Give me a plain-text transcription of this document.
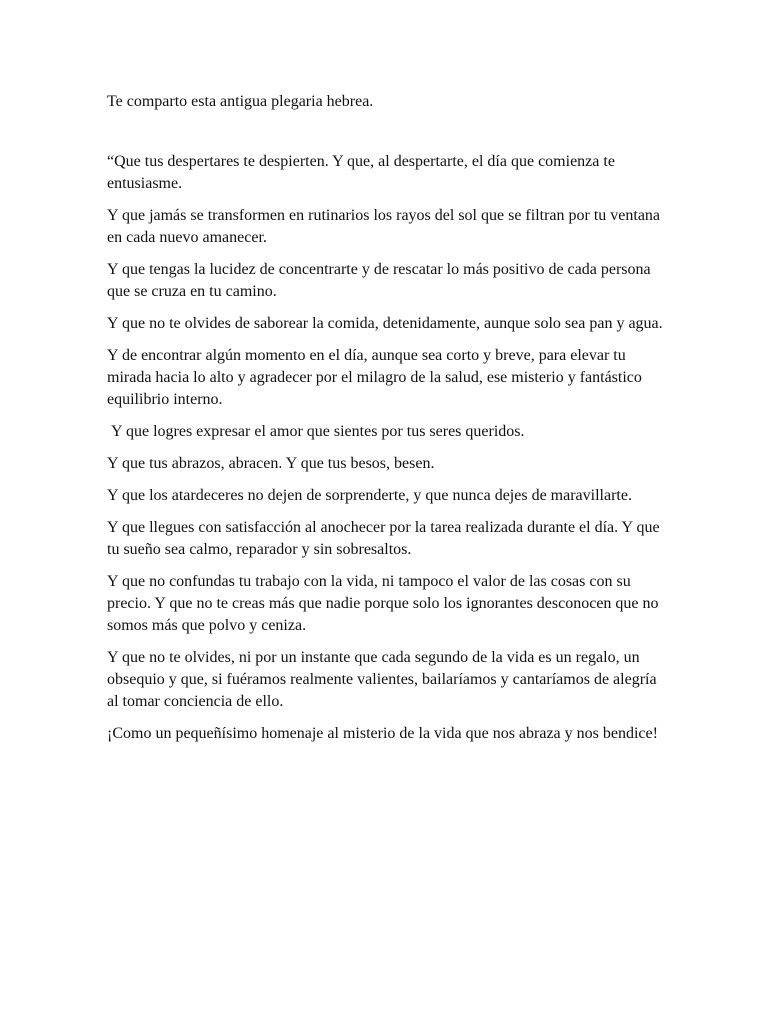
Te comparto esta antigua plegaria hebrea.

“Que tus despertares te despierten. Y que, al despertarte, el día que comienza te entusiasme.

Y que jamás se transformen en rutinarios los rayos del sol que se filtran por tu ventana en cada nuevo amanecer.

Y que tengas la lucidez de concentrarte y de rescatar lo más positivo de cada persona que se cruza en tu camino.

Y que no te olvides de saborear la comida, detenidamente, aunque solo sea pan y agua.

Y de encontrar algún momento en el día, aunque sea corto y breve, para elevar tu mirada hacia lo alto y agradecer por el milagro de la salud, ese misterio y fantástico equilibrio interno.

Y que logres expresar el amor que sientes por tus seres queridos.

Y que tus abrazos, abracen. Y que tus besos, besen.

Y que los atardeceres no dejen de sorprenderte, y que nunca dejes de maravillarte.

Y que llegues con satisfacción al anochecer por la tarea realizada durante el día. Y que tu sueño sea calmo, reparador y sin sobresaltos.

Y que no confundas tu trabajo con la vida, ni tampoco el valor de las cosas con su precio. Y que no te creas más que nadie porque solo los ignorantes desconocen que no somos más que polvo y ceniza.

Y que no te olvides, ni por un instante que cada segundo de la vida es un regalo, un obsequio y que, si fuéramos realmente valientes, bailaríamos y cantaríamos de alegría al tomar conciencia de ello.

¡Como un pequeñísimo homenaje al misterio de la vida que nos abraza y nos bendice!
